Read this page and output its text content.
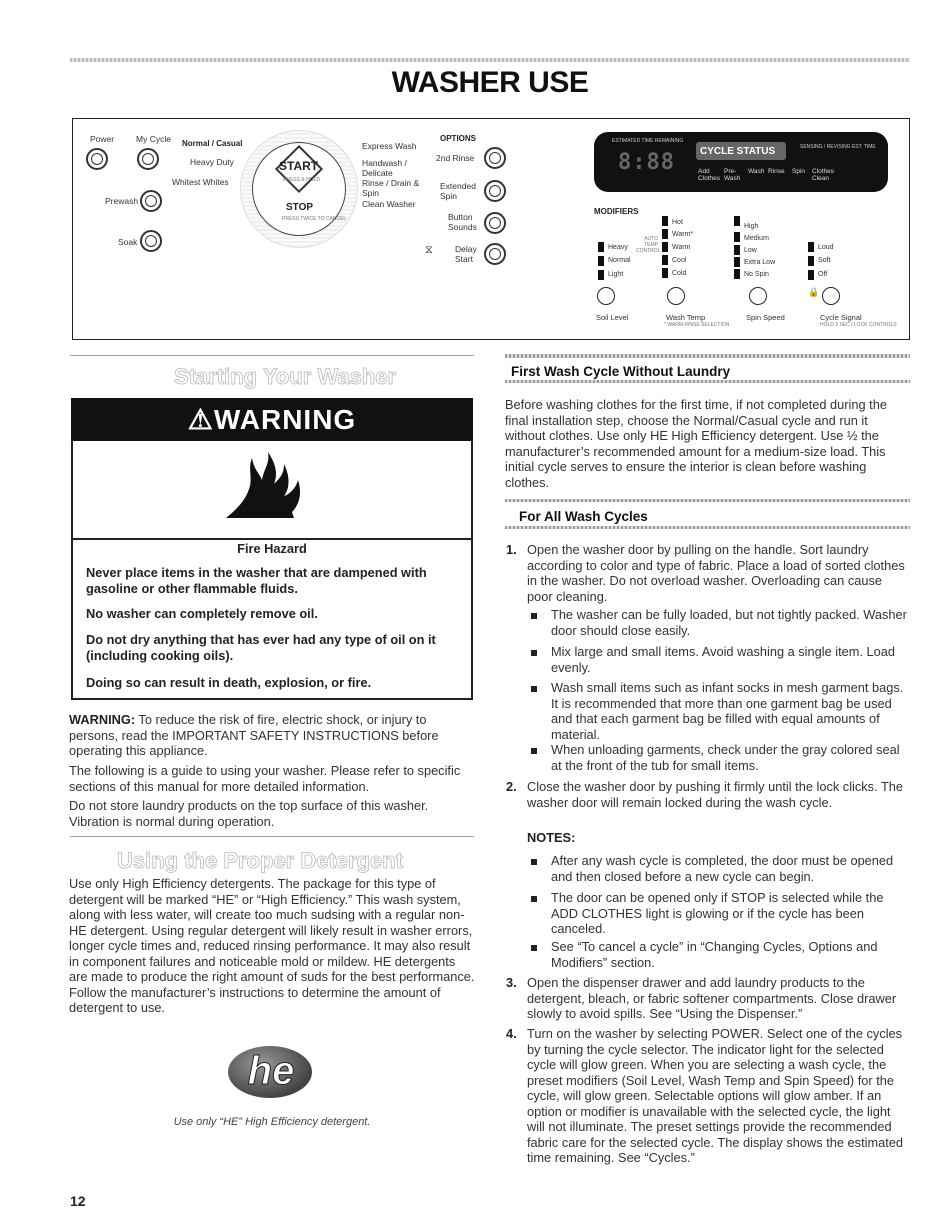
WASHER USE
Power	My Cycle
Prewash
Soak
Normal / Casual
Heavy Duty
Whitest Whites
START
PRESS & HOLD
STOP
PRESS TWICE TO CANCEL
Express Wash
Handwash / Delicate
Rinse / Drain & Spin
Clean Washer
OPTIONS
2nd Rinse
Extended Spin
Button Sounds
⧖	Delay Start
ESTIMATED TIME REMAINING
8:88	CYCLE STATUS	SENSING / REVISING EST. TIME
Add Clothes
Pre-Wash
Wash Rinse Spin Clothes Clean
MODIFIERS
Heavy
Normal
Light
Hot
Warm*
Warm
Cool
Cold
AUTO TEMP CONTROL
High
Medium
Low
Extra Low
No Spin
Loud
Soft
Off
🔒
Soil Level	Wash Temp
* WARM RINSE SELECTION
Spin Speed	Cycle Signal
HOLD 3 SEC / LOCK CONTROLS
Starting Your Washer
⚠WARNING
Fire Hazard
Never place items in the washer that are dampened with gasoline or other flammable fluids.
No washer can completely remove oil.
Do not dry anything that has ever had any type of oil on it (including cooking oils).
Doing so can result in death, explosion, or fire.
WARNING: To reduce the risk of fire, electric shock, or injury to persons, read the IMPORTANT SAFETY INSTRUCTIONS before operating this appliance.
The following is a guide to using your washer. Please refer to specific sections of this manual for more detailed information.
Do not store laundry products on the top surface of this washer. Vibration is normal during operation.
Using the Proper Detergent
Use only High Efficiency detergents. The package for this type of detergent will be marked “HE” or “High Efficiency.” This wash system, along with less water, will create too much sudsing with a regular non-HE detergent. Using regular detergent will likely result in washer errors, longer cycle times and, reduced rinsing performance. It may also result in component failures and noticeable mold or mildew. HE detergents are made to produce the right amount of suds for the best performance. Follow the manufacturer’s instructions to determine the amount of detergent to use.
he
Use only “HE” High Efficiency detergent.
12
First Wash Cycle Without Laundry
Before washing clothes for the first time, if not completed during the final installation step, choose the Normal/Casual cycle and run it without clothes. Use only HE High Efficiency detergent. Use ½ the manufacturer’s recommended amount for a medium-size load. This initial cycle serves to ensure the interior is clean before washing clothes.
For All Wash Cycles
1. Open the washer door by pulling on the handle. Sort laundry according to color and type of fabric. Place a load of sorted clothes in the washer. Do not overload washer. Overloading can cause poor cleaning.
The washer can be fully loaded, but not tightly packed. Washer door should close easily.
Mix large and small items. Avoid washing a single item. Load evenly.
Wash small items such as infant socks in mesh garment bags. It is recommended that more than one garment bag be used and that each garment bag be filled with equal amounts of material.
When unloading garments, check under the gray colored seal at the front of the tub for small items.
2. Close the washer door by pushing it firmly until the lock clicks. The washer door will remain locked during the wash cycle.
NOTES:
After any wash cycle is completed, the door must be opened and then closed before a new cycle can begin.
The door can be opened only if STOP is selected while the ADD CLOTHES light is glowing or if the cycle has been canceled.
See “To cancel a cycle” in “Changing Cycles, Options and Modifiers” section.
3. Open the dispenser drawer and add laundry products to the detergent, bleach, or fabric softener compartments. Close drawer slowly to avoid spills. See “Using the Dispenser.”
4. Turn on the washer by selecting POWER. Select one of the cycles by turning the cycle selector. The indicator light for the selected cycle will glow green. When you are selecting a wash cycle, the preset modifiers (Soil Level, Wash Temp and Spin Speed) for the cycle, will glow green. Selectable options will glow amber. If an option or modifier is unavailable with the selected cycle, the light will not illuminate. The preset settings provide the recommended fabric care for the selected cycle. The display shows the estimated time remaining. See “Cycles.”
